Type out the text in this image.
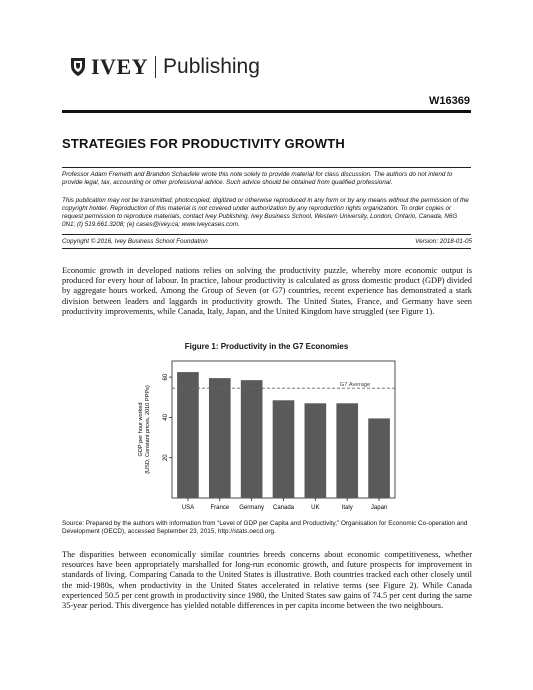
IVEY Publishing
W16369
STRATEGIES FOR PRODUCTIVITY GROWTH
Professor Adam Fremeth and Brandon Schaufele wrote this note solely to provide material for class discussion. The authors do not intend to provide legal, tax, accounting or other professional advice. Such advice should be obtained from qualified professional.
This publication may not be transmitted, photocopied, digitized or otherwise reproduced in any form or by any means without the permission of the copyright holder. Reproduction of this material is not covered under authorization by any reproduction rights organization. To order copies or request permission to reproduce materials, contact Ivey Publishing, Ivey Business School, Western University, London, Ontario, Canada, N6G 0N1; (t) 519.661.3208; (e) cases@ivey.ca; www.iveycases.com.
Copyright © 2016, Ivey Business School Foundation	Version: 2018-01-05
Economic growth in developed nations relies on solving the productivity puzzle, whereby more economic output is produced for every hour of labour. In practice, labour productivity is calculated as gross domestic product (GDP) divided by aggregate hours worked. Among the Group of Seven (or G7) countries, recent experience has demonstrated a stark division between leaders and laggards in productivity growth. The United States, France, and Germany have seen productivity improvements, while Canada, Italy, Japan, and the United Kingdom have struggled (see Figure 1).
Figure 1: Productivity in the G7 Economies
20
40
60
GDP per hour worked (USD, Constant prices, 2010 PPPs)
USA	France Germany Canada	UK	Italy	Japan
G7 Average
Source: Prepared by the authors with information from “Level of GDP per Capita and Productivity,” Organisation for Economic Co-operation and Development (OECD), accessed September 23, 2015, http://stats.oecd.org.
The disparities between economically similar countries breeds concerns about economic competitiveness, whether resources have been appropriately marshalled for long-run economic growth, and future prospects for improvement in standards of living. Comparing Canada to the United States is illustrative. Both countries tracked each other closely until the mid-1980s, when productivity in the United States accelerated in relative terms (see Figure 2). While Canada experienced 50.5 per cent growth in productivity since 1980, the United States saw gains of 74.5 per cent during the same 35-year period. This divergence has yielded notable differences in per capita income between the two neighbours.
